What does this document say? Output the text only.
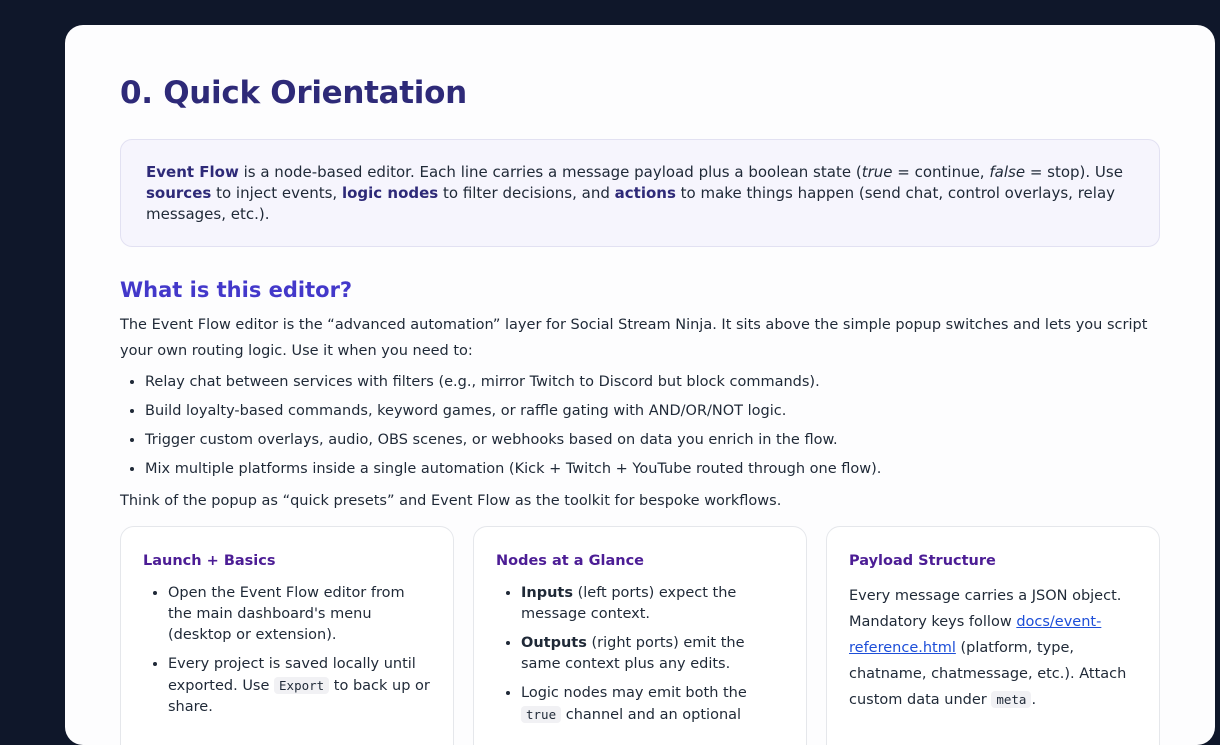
0. Quick Orientation
Event Flow is a node-based editor. Each line carries a message payload plus a boolean state (true = continue, false = stop). Use sources to inject events, logic nodes to filter decisions, and actions to make things happen (send chat, control overlays, relay messages, etc.).
What is this editor?

The Event Flow editor is the “advanced automation” layer for Social Stream Ninja. It sits above the simple popup switches and lets you script your own routing logic. Use it when you need to:

• Relay chat between services with filters (e.g., mirror Twitch to Discord but block commands).
• Build loyalty-based commands, keyword games, or raffle gating with AND/OR/NOT logic.
• Trigger custom overlays, audio, OBS scenes, or webhooks based on data you enrich in the flow.
• Mix multiple platforms inside a single automation (Kick + Twitch + YouTube routed through one flow).

Think of the popup as “quick presets” and Event Flow as the toolkit for bespoke workflows.

Launch + Basics
• Open the Event Flow editor from the main dashboard's menu (desktop or extension).
• Every project is saved locally until exported. Use Export to back up or share.
Nodes at a Glance
• Inputs (left ports) expect the message context.
• Outputs (right ports) emit the same context plus any edits.
• Logic nodes may emit both the true channel and an optional
Payload Structure

Every message carries a JSON object. Mandatory keys follow docs/event-reference.html (platform, type, chatname, chatmessage, etc.). Attach custom data under meta .
